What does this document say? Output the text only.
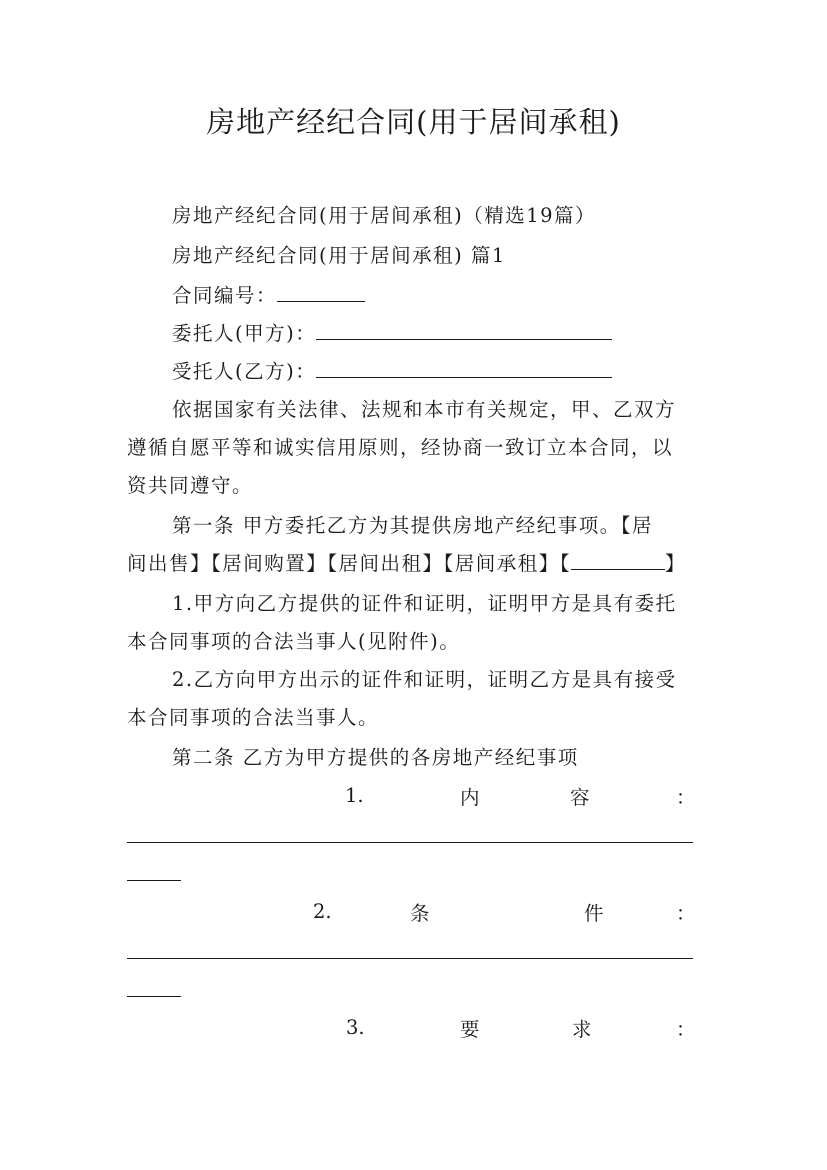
房地产经纪合同(用于居间承租)
房地产经纪合同(用于居间承租)（精选19篇）
房地产经纪合同(用于居间承租) 篇1
合同编号：
委托人(甲方)：
受托人(乙方)：
依据国家有关法律、法规和本市有关规定，甲、乙双方
遵循自愿平等和诚实信用原则，经协商一致订立本合同，以
资共同遵守。
第一条 甲方委托乙方为其提供房地产经纪事项。【居
间出售】【居间购置】【居间出租】【居间承租】【	】
1.甲方向乙方提供的证件和证明，证明甲方是具有委托
本合同事项的合法当事人(见附件)。
2.乙方向甲方出示的证件和证明，证明乙方是具有接受
本合同事项的合法当事人。
第二条 乙方为甲方提供的各房地产经纪事项
1.	内	容	：
2.	条	件	：
3.	要	求	：
